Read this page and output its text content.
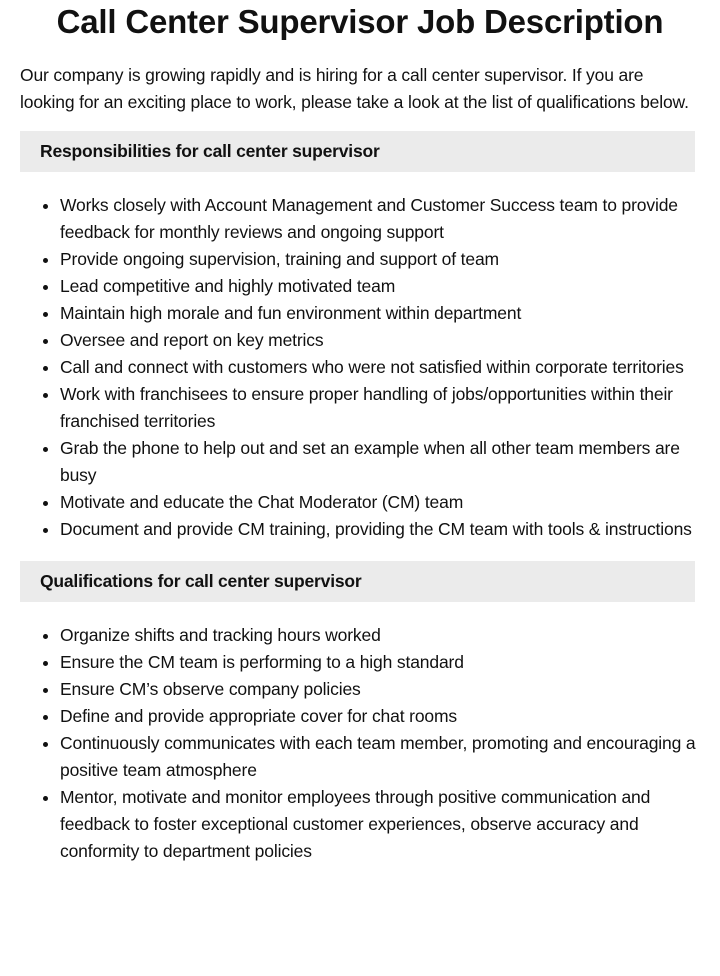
Call Center Supervisor Job Description

Our company is growing rapidly and is hiring for a call center supervisor. If you are looking for an exciting place to work, please take a look at the list of qualifications below.

Responsibilities for call center supervisor
• Works closely with Account Management and Customer Success team to provide feedback for monthly reviews and ongoing support
• Provide ongoing supervision, training and support of team
• Lead competitive and highly motivated team
• Maintain high morale and fun environment within department
• Oversee and report on key metrics
• Call and connect with customers who were not satisfied within corporate territories
• Work with franchisees to ensure proper handling of jobs/opportunities within their franchised territories
• Grab the phone to help out and set an example when all other team members are busy
• Motivate and educate the Chat Moderator (CM) team
• Document and provide CM training, providing the CM team with tools & instructions
Qualifications for call center supervisor
• Organize shifts and tracking hours worked
• Ensure the CM team is performing to a high standard
• Ensure CM’s observe company policies
• Define and provide appropriate cover for chat rooms
• Continuously communicates with each team member, promoting and encouraging a positive team atmosphere
• Mentor, motivate and monitor employees through positive communication and feedback to foster exceptional customer experiences, observe accuracy and conformity to department policies
